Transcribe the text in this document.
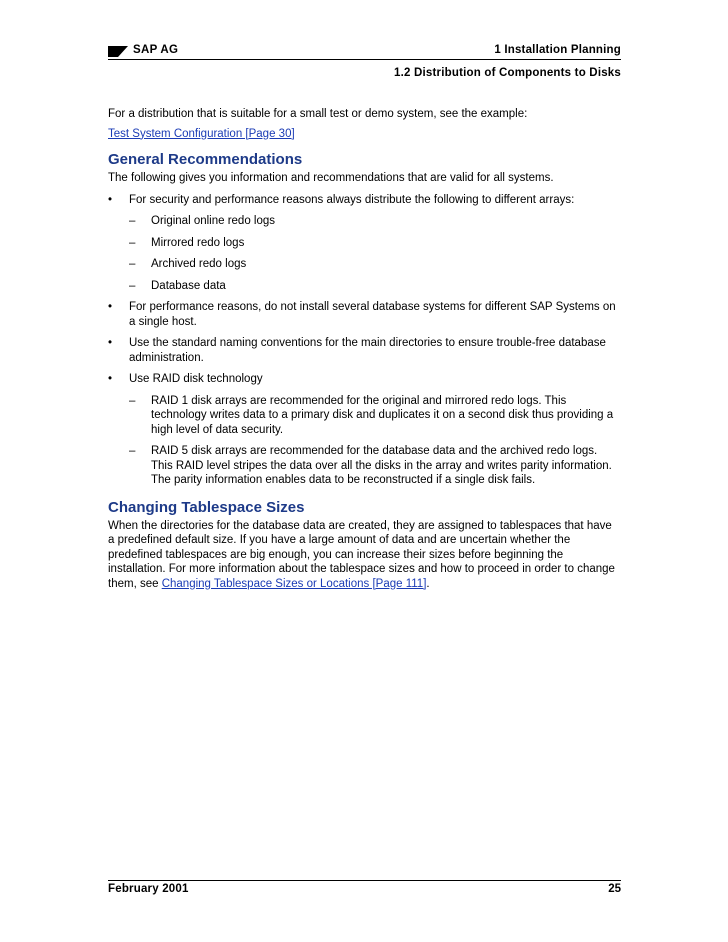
SAP AG	1 Installation Planning
1.2 Distribution of Components to Disks

For a distribution that is suitable for a small test or demo system, see the example:

Test System Configuration [Page 30]

General Recommendations

The following gives you information and recommendations that are valid for all systems.

• For security and performance reasons always distribute the following to different arrays:
– Original online redo logs
– Mirrored redo logs
– Archived redo logs
– Database data
• For performance reasons, do not install several database systems for different SAP Systems on a single host.
• Use the standard naming conventions for the main directories to ensure trouble-free database administration.
• Use RAID disk technology
– RAID 1 disk arrays are recommended for the original and mirrored redo logs. This technology writes data to a primary disk and duplicates it on a second disk thus providing a high level of data security.
– RAID 5 disk arrays are recommended for the database data and the archived redo logs. This RAID level stripes the data over all the disks in the array and writes parity information. The parity information enables data to be reconstructed if a single disk fails.
Changing Tablespace Sizes

When the directories for the database data are created, they are assigned to tablespaces that have a predefined default size. If you have a large amount of data and are uncertain whether the predefined tablespaces are big enough, you can increase their sizes before beginning the installation. For more information about the tablespace sizes and how to proceed in order to change them, see Changing Tablespace Sizes or Locations [Page 111].

February 2001	25
